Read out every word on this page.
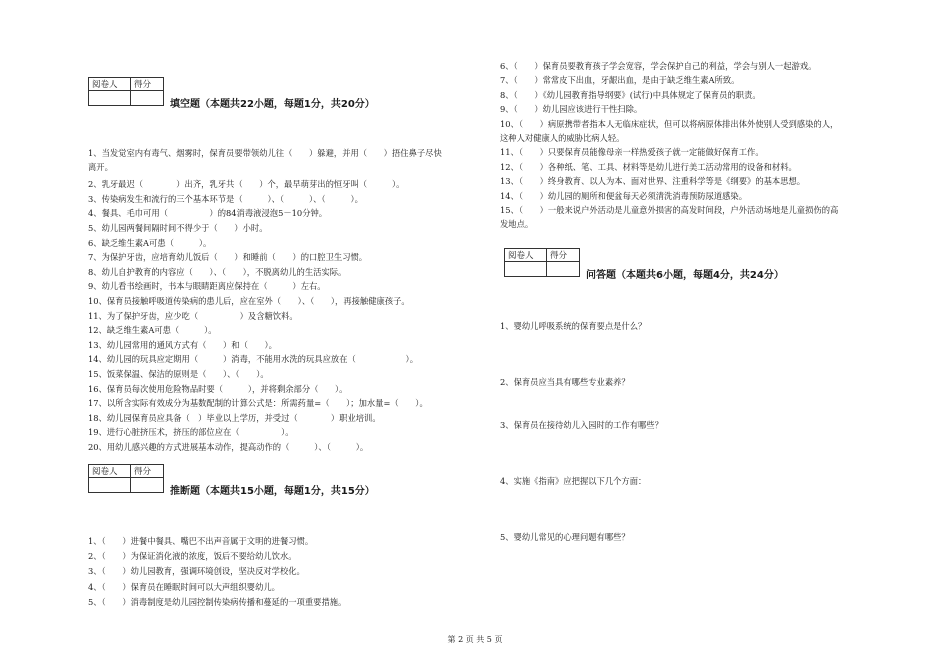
阅卷人	得分

填空题（本题共22小题，每题1分，共20分）
1、当发觉室内有毒气、烟雾时，保育员要带领幼儿往（　　）躲避，并用（　　）捂住鼻子尽快
离开。
2、乳牙最迟（　　　　）出齐，乳牙共（　　）个，最早萌芽出的恒牙叫（　　　）。
3、传染病发生和流行的三个基本环节是（　　　）、（　　　）、（　　　）。
4、餐具、毛巾可用（　　　　　）的84消毒液浸泡5－10分钟。
5、幼儿园两餐间隔时间不得少于（　　）小时。
6、缺乏维生素A可患（　　　）。
7、为保护牙齿，应培育幼儿饭后（　　）和睡前（　　）的口腔卫生习惯。
8、幼儿自护教育的内容应（　　）、（　　），不脱离幼儿的生活实际。
9、幼儿看书绘画时，书本与眼睛距离应保持在（　　　）左右。
10、保育员接触呼吸道传染病的患儿后，应在室外（　　）、（　　），再接触健康孩子。
11、为了保护牙齿，应少吃（　　　　　）及含糖饮料。
12、缺乏维生素A可患（　　　）。
13、幼儿园常用的通风方式有（　　）和（　　）。
14、幼儿园的玩具应定期用（　　　）消毒，不能用水洗的玩具应放在（　　　　　　）。
15、饭菜保温、保洁的原则是（　　）、（　　）。
16、保育员每次使用危险物品时要（　　　），并将剩余部分（　　）。
17、以所含实际有效成分为基数配制的计算公式是：所需药量=（　　）；加水量=（　　）。
18、幼儿园保育员应具备（　）毕业以上学历，并受过（　　　　）职业培训。
19、进行心脏挤压术，挤压的部位应在（　　　　　）。
20、用幼儿感兴趣的方式进展基本动作，提高动作的（　　　）、（　　　）。
阅卷人	得分

推断题（本题共15小题，每题1分，共15分）
1、（　　）进餐中餐具、嘴巴不出声音属于文明的进餐习惯。
2、（　　）为保证消化液的浓度，饭后不要给幼儿饮水。
3、（　　）幼儿园教育，强调环境创设，坚决反对学校化。
4、（　　）保育员在睡眠时间可以大声组织婴幼儿。
5、（　　）消毒制度是幼儿园控制传染病传播和蔓延的一项重要措施。
6、（　　）保育员要教育孩子学会宽容，学会保护自己的利益，学会与别人一起游戏。
7、（　　）常常皮下出血，牙龈出血，是由于缺乏维生素A所致。
8、（　　）《幼儿园教育指导纲要》(试行)中具体规定了保育员的职责。
9、（　　）幼儿园应该进行干性扫除。
10、（　　）病原携带者指本人无临床症状，但可以将病原体排出体外使别人受到感染的人，
这种人对健康人的威胁比病人轻。
11、（　　）只要保育员能像母亲一样热爱孩子就一定能做好保育工作。
12、（　　）各种纸、笔、工具、材料等是幼儿进行美工活动常用的设备和材料。
13、（　　）终身教育、以人为本、面对世界、注重科学等是《纲要》的基本思想。
14、（　　）幼儿园的厕所和便盆每天必须清洗消毒预防尿道感染。
15、（　　）一般来说户外活动是儿童意外损害的高发时间段，户外活动场地是儿童损伤的高
发地点。
阅卷人	得分

问答题（本题共6小题，每题4分，共24分）
1、婴幼儿呼吸系统的保育要点是什么？
2、保育员应当具有哪些专业素养？
3、保育员在接待幼儿入园时的工作有哪些？
4、实施《指南》应把握以下几个方面：
5、婴幼儿常见的心理问题有哪些？
第 2 页 共 5 页
